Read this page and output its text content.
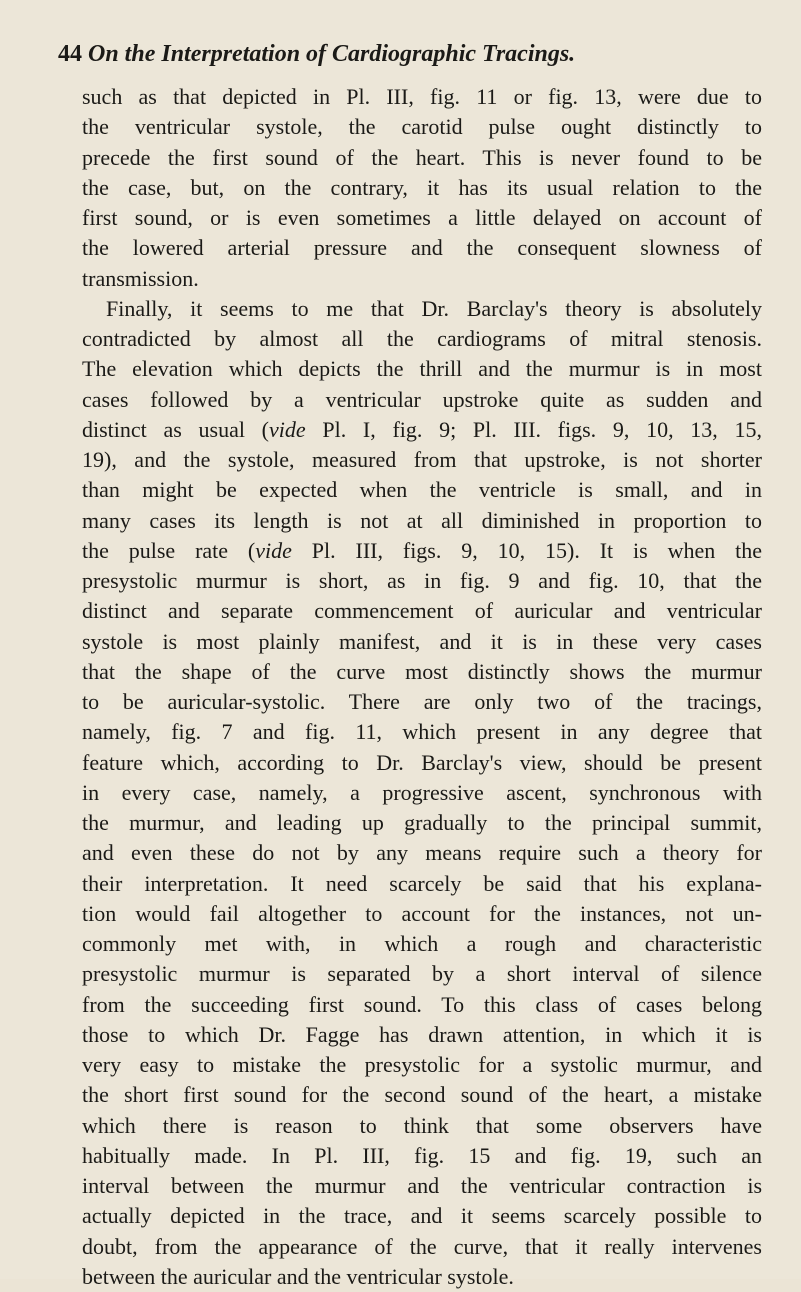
44 On the Interpretation of Cardiographic Tracings.
such as that depicted in Pl. III, fig. 11 or fig. 13, were due to
the ventricular systole, the carotid pulse ought distinctly to
precede the first sound of the heart. This is never found to be
the case, but, on the contrary, it has its usual relation to the
first sound, or is even sometimes a little delayed on account of
the lowered arterial pressure and the consequent slowness of
transmission.
Finally, it seems to me that Dr. Barclay's theory is absolutely
contradicted by almost all the cardiograms of mitral stenosis.
The elevation which depicts the thrill and the murmur is in most
cases followed by a ventricular upstroke quite as sudden and
distinct as usual (vide Pl. I, fig. 9; Pl. III. figs. 9, 10, 13, 15,
19), and the systole, measured from that upstroke, is not shorter
than might be expected when the ventricle is small, and in
many cases its length is not at all diminished in proportion to
the pulse rate (vide Pl. III, figs. 9, 10, 15). It is when the
presystolic murmur is short, as in fig. 9 and fig. 10, that the
distinct and separate commencement of auricular and ventricular
systole is most plainly manifest, and it is in these very cases
that the shape of the curve most distinctly shows the murmur
to be auricular-systolic. There are only two of the tracings,
namely, fig. 7 and fig. 11, which present in any degree that
feature which, according to Dr. Barclay's view, should be present
in every case, namely, a progressive ascent, synchronous with
the murmur, and leading up gradually to the principal summit,
and even these do not by any means require such a theory for
their interpretation. It need scarcely be said that his explana-
tion would fail altogether to account for the instances, not un-
commonly met with, in which a rough and characteristic
presystolic murmur is separated by a short interval of silence
from the succeeding first sound. To this class of cases belong
those to which Dr. Fagge has drawn attention, in which it is
very easy to mistake the presystolic for a systolic murmur, and
the short first sound for the second sound of the heart, a mistake
which there is reason to think that some observers have
habitually made. In Pl. III, fig. 15 and fig. 19, such an
interval between the murmur and the ventricular contraction is
actually depicted in the trace, and it seems scarcely possible to
doubt, from the appearance of the curve, that it really intervenes
between the auricular and the ventricular systole.
